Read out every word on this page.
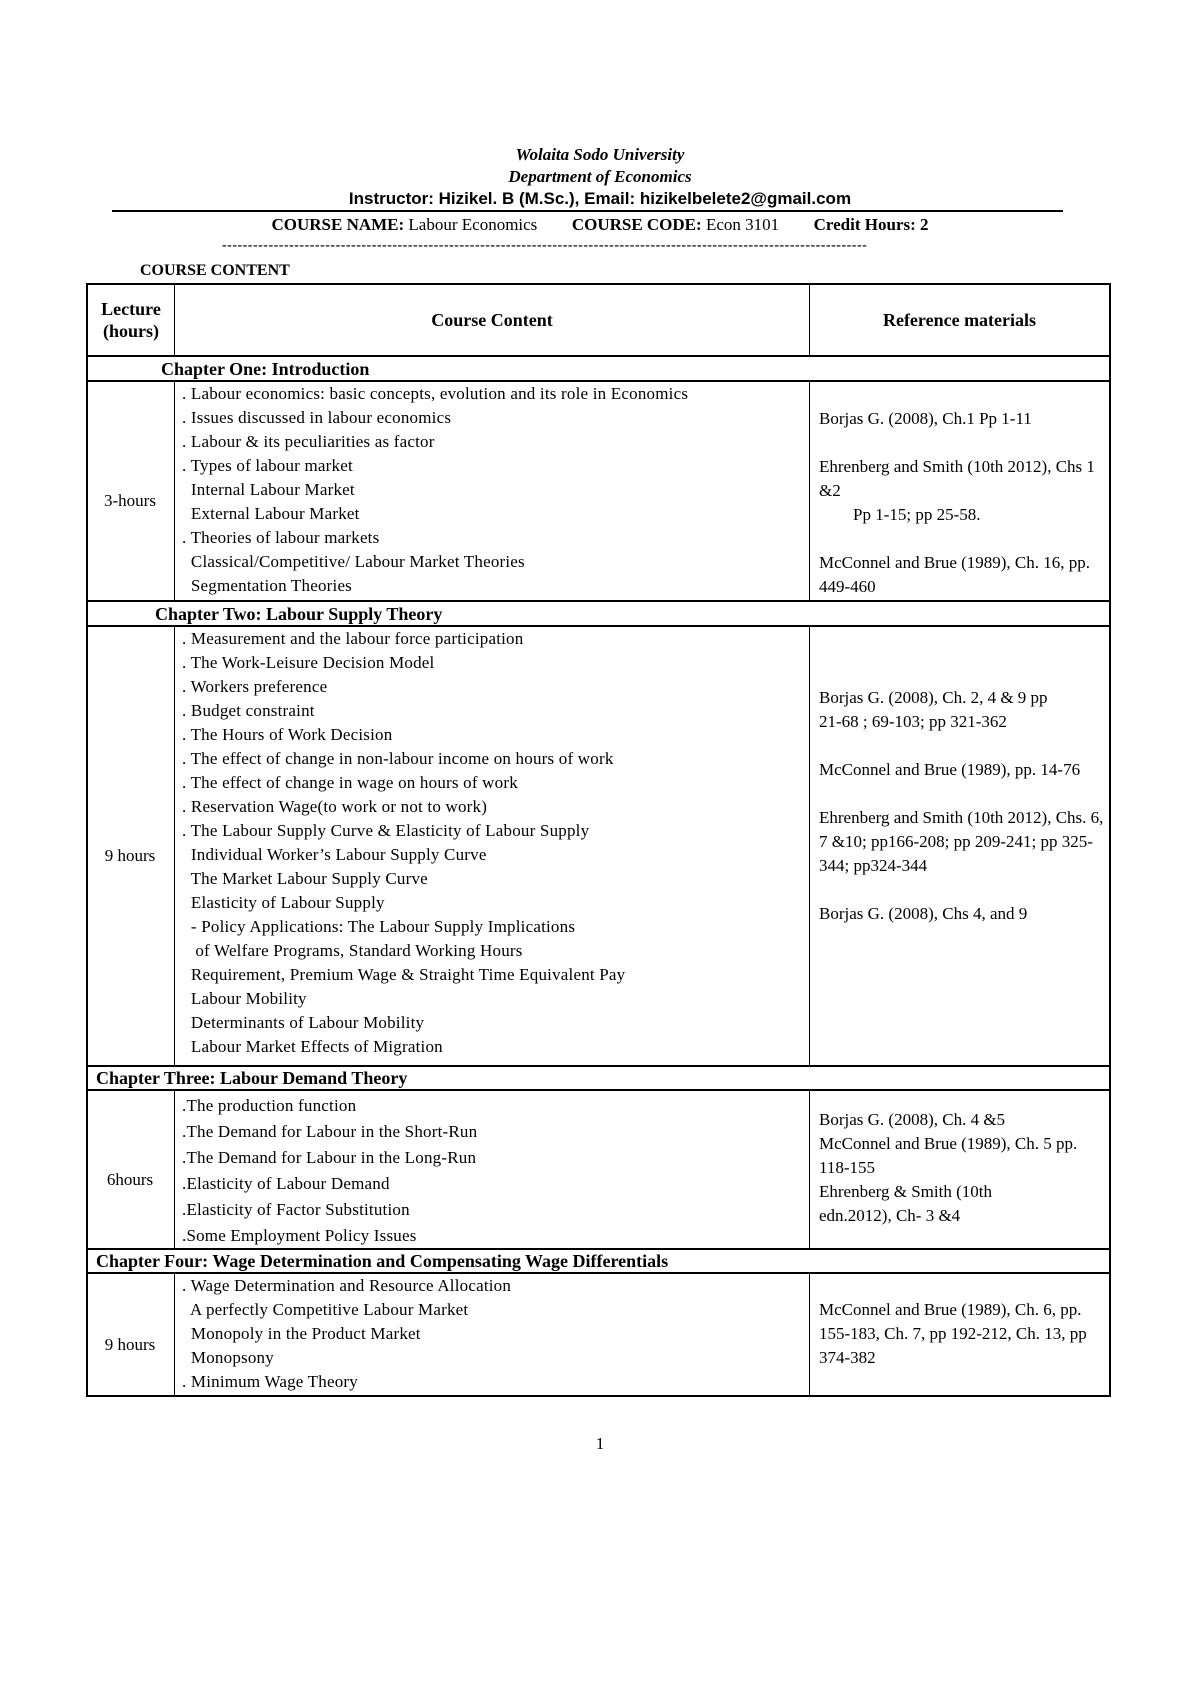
Wolaita Sodo University
Department of Economics
Instructor: Hizikel. B (M.Sc.), Email: hizikelbelete2@gmail.com
COURSE NAME: Labour Economics COURSE CODE: Econ 3101 Credit Hours: 2
-----------------------------------------------------------------------------------------------------------------------------
COURSE CONTENT
Lecture (hours)
Course Content	Reference materials
Chapter One: Introduction
3-hours
. Labour economics: basic concepts, evolution and its role in Economics
. Issues discussed in labour economics
. Labour & its peculiarities as factor
. Types of labour market
Internal Labour Market
External Labour Market
. Theories of labour markets
Classical/Competitive/ Labour Market Theories
Segmentation Theories
Borjas G. (2008), Ch.1 Pp 1-11
Ehrenberg and Smith (10th 2012), Chs 1 &2
Pp 1-15; pp 25-58.
McConnel and Brue (1989), Ch. 16, pp. 449-460
Chapter Two: Labour Supply Theory
9 hours
. Measurement and the labour force participation
. The Work-Leisure Decision Model
. Workers preference
. Budget constraint
. The Hours of Work Decision
. The effect of change in non-labour income on hours of work
. The effect of change in wage on hours of work
. Reservation Wage(to work or not to work)
. The Labour Supply Curve & Elasticity of Labour Supply
Individual Worker’s Labour Supply Curve
The Market Labour Supply Curve
Elasticity of Labour Supply
- Policy Applications: The Labour Supply Implications
of Welfare Programs, Standard Working Hours
Requirement, Premium Wage & Straight Time Equivalent Pay
Labour Mobility
Determinants of Labour Mobility
Labour Market Effects of Migration
Borjas G. (2008), Ch. 2, 4 & 9 pp 21-68 ; 69-103; pp 321-362
McConnel and Brue (1989), pp. 14-76
Ehrenberg and Smith (10th 2012), Chs. 6, 7 &10; pp166-208; pp 209-241; pp 325-344; pp324-344
Borjas G. (2008), Chs 4, and 9
Chapter Three: Labour Demand Theory
6hours
.The production function
.The Demand for Labour in the Short-Run
.The Demand for Labour in the Long-Run
.Elasticity of Labour Demand
.Elasticity of Factor Substitution
.Some Employment Policy Issues
Borjas G. (2008), Ch. 4 &5
McConnel and Brue (1989), Ch. 5 pp. 118-155
Ehrenberg & Smith (10th edn.2012), Ch- 3 &4
Chapter Four: Wage Determination and Compensating Wage Differentials
9 hours
. Wage Determination and Resource Allocation
A perfectly Competitive Labour Market
Monopoly in the Product Market
Monopsony
. Minimum Wage Theory
McConnel and Brue (1989), Ch. 6, pp. 155-183, Ch. 7, pp 192-212, Ch. 13, pp 374-382
1
